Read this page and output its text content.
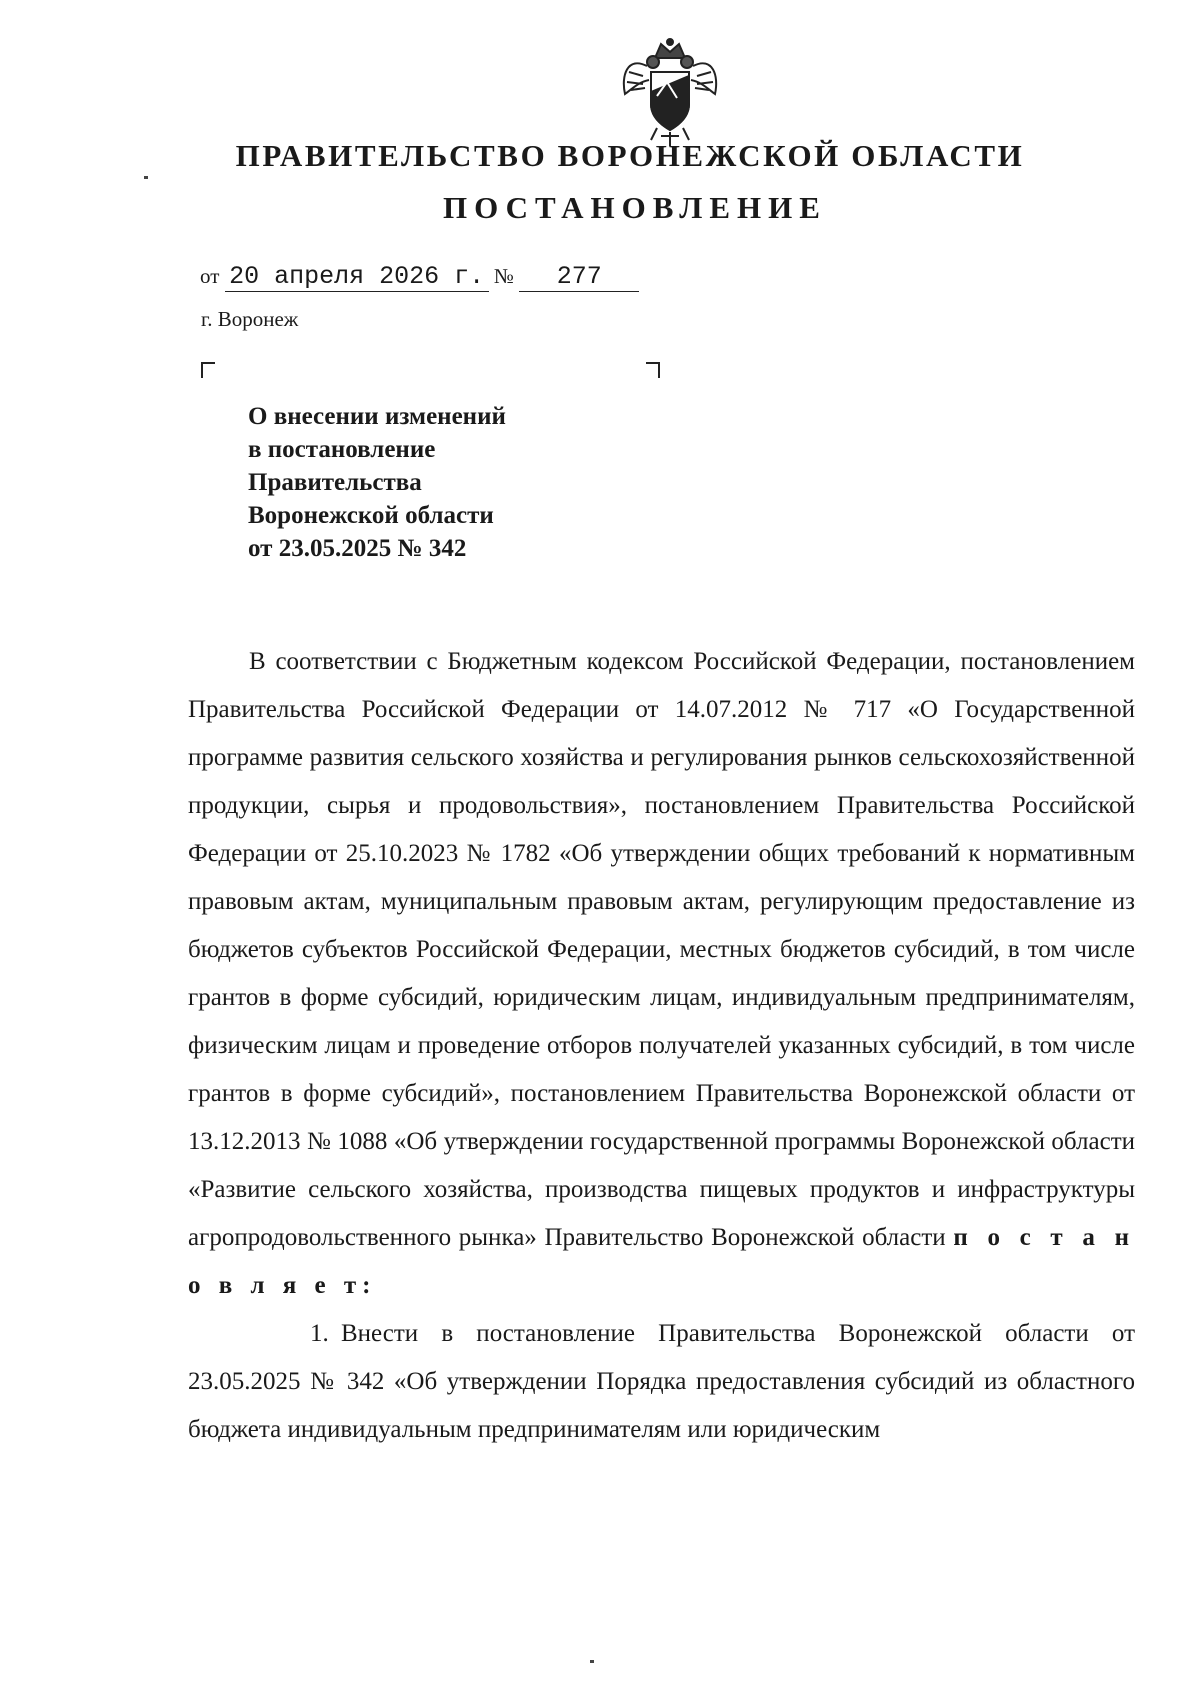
ПРАВИТЕЛЬСТВО ВОРОНЕЖСКОЙ ОБЛАСТИ
ПОСТАНОВЛЕНИЕ
от 20 апреля 2026 г. № 277
г. Воронеж
О внесении изменений
в постановление
Правительства
Воронежской области
от 23.05.2025 № 342

В соответствии с Бюджетным кодексом Российской Федерации, постановлением Правительства Российской Федерации от 14.07.2012 № 717 «О Государственной программе развития сельского хозяйства и регулирования рынков сельскохозяйственной продукции, сырья и продовольствия», постановлением Правительства Российской Федерации от 25.10.2023 № 1782 «Об утверждении общих требований к нормативным правовым актам, муниципальным правовым актам, регулирующим предоставление из бюджетов субъектов Российской Федерации, местных бюджетов субсидий, в том числе грантов в форме субсидий, юридическим лицам, индивидуальным предпринимателям, физическим лицам и проведение отборов получателей указанных субсидий, в том числе грантов в форме субсидий», постановлением Правительства Воронежской области от 13.12.2013 № 1088 «Об утверждении государственной программы Воронежской области «Развитие сельского хозяйства, производства пищевых продуктов и инфраструктуры агропродовольственного рынка» Правительство Воронежской области п о с т а н о в л я е т:

1. Внести в постановление Правительства Воронежской области от 23.05.2025 № 342 «Об утверждении Порядка предоставления субсидий из областного бюджета индивидуальным предпринимателям или юридическим
